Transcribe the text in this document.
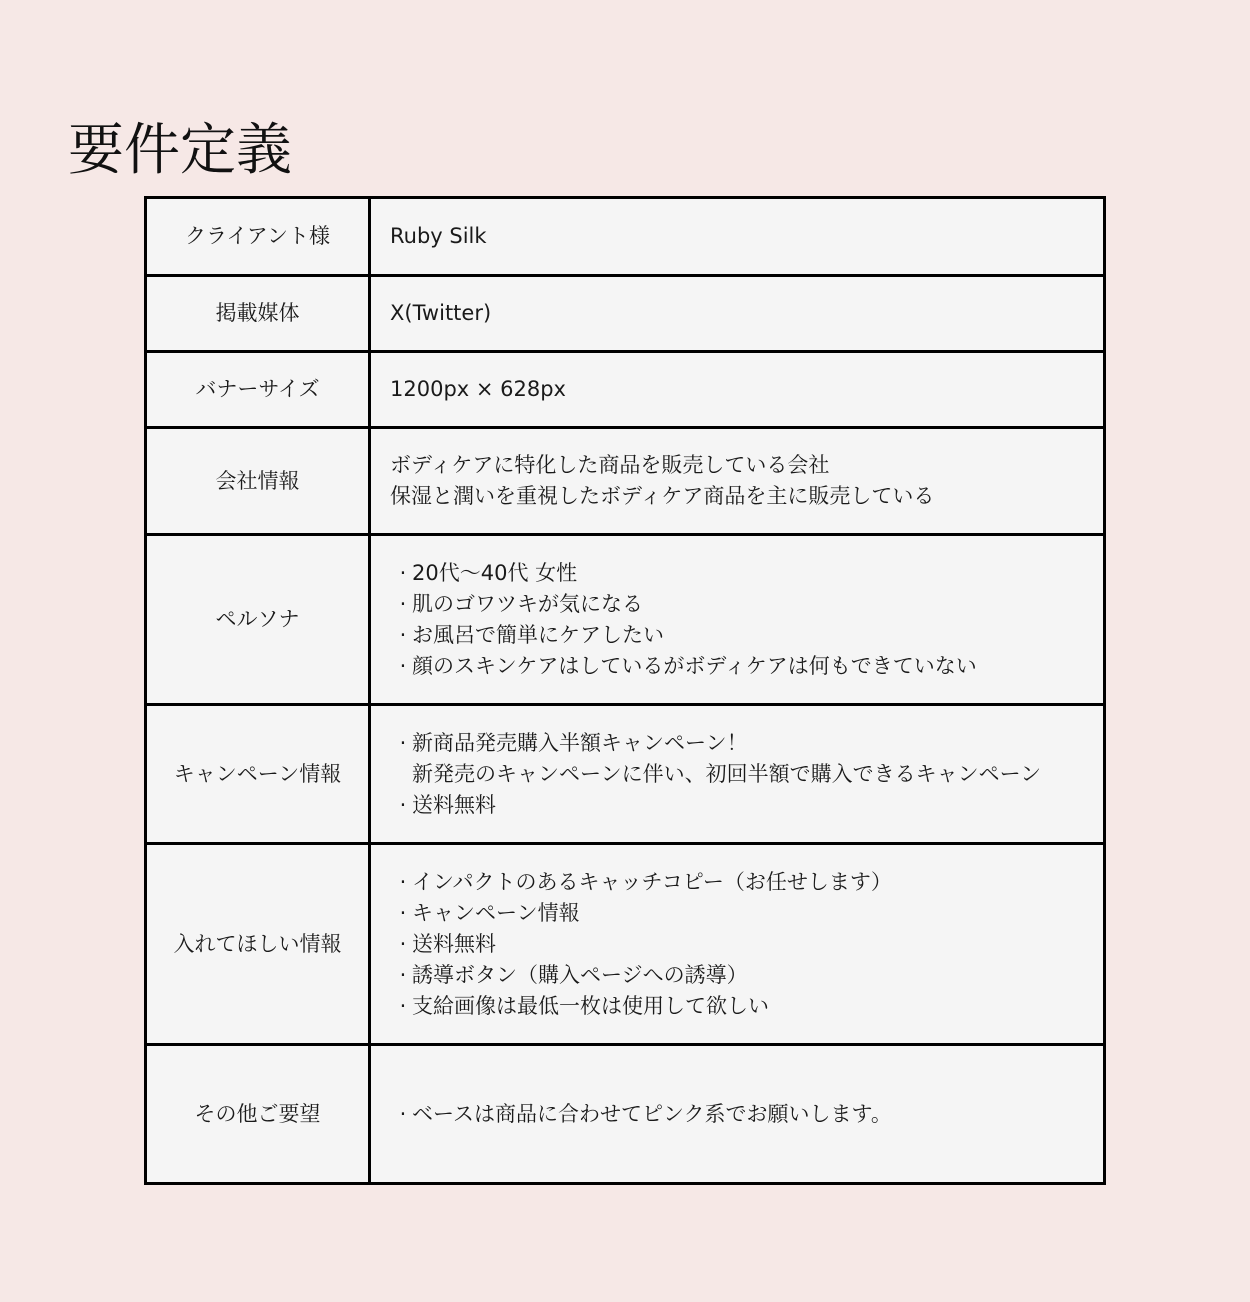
要件定義
クライアント様	Ruby Silk

掲載媒体	X(Twitter)

バナーサイズ	1200px × 628px

会社情報	ボディケアに特化した商品を販売している会社
保湿と潤いを重視したボディケア商品を主に販売している

ペルソナ	· 20代〜40代 女性
· 肌のゴワツキが気になる
· お風呂で簡単にケアしたい
· 顔のスキンケアはしているがボディケアは何もできていない

キャンペーン情報	· 新商品発売購入半額キャンペーン！
新発売のキャンペーンに伴い、初回半額で購入できるキャンペーン
· 送料無料

入れてほしい情報	· インパクトのあるキャッチコピー（お任せします）
· キャンペーン情報
· 送料無料
· 誘導ボタン（購入ページへの誘導）
· 支給画像は最低一枚は使用して欲しい

その他ご要望	· ベースは商品に合わせてピンク系でお願いします。
